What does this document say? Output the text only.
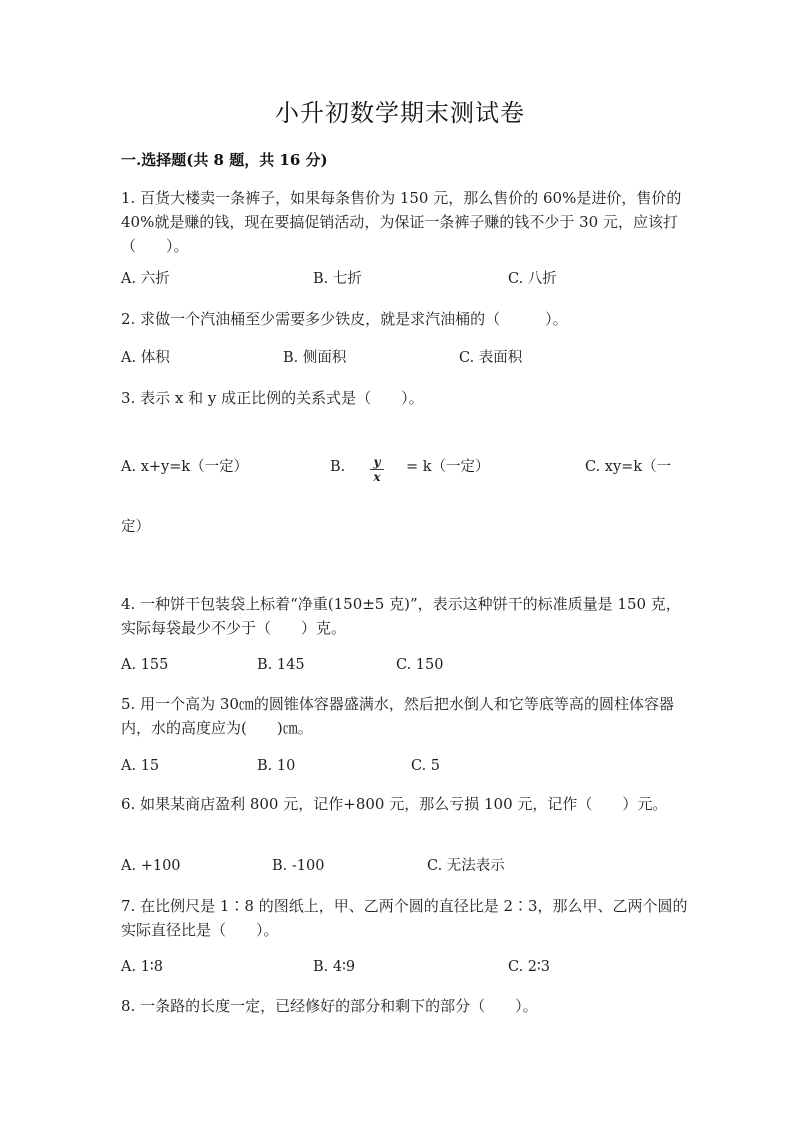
小升初数学期末测试卷
一.选择题(共 8 题，共 16 分)

1. 百货大楼卖一条裤子，如果每条售价为 150 元，那么售价的 60%是进价，售价的 40%就是赚的钱，现在要搞促销活动，为保证一条裤子赚的钱不少于 30 元，应该打（　　）。

A. 六折	B. 七折	C. 八折

2. 求做一个汽油桶至少需要多少铁皮，就是求汽油桶的（　　　）。

A. 体积	B. 侧面积	C. 表面积

3. 表示 x 和 y 成正比例的关系式是（　　）。

A. x+y=k（一定）	B.	y
x
= k（一定）	C. xy=k（一
定）

4. 一种饼干包装袋上标着“净重(150±5 克)”，表示这种饼干的标准质量是 150 克，实际每袋最少不少于（　　）克。

A. 155	B. 145	C. 150

5. 用一个高为 30㎝的圆锥体容器盛满水，然后把水倒人和它等底等高的圆柱体容器内，水的高度应为(　　)㎝。

A. 15	B. 10	C. 5

6. 如果某商店盈利 800 元，记作+800 元，那么亏损 100 元，记作（　　）元。

A. +100	B. -100	C. 无法表示

7. 在比例尺是 1∶8 的图纸上，甲、乙两个圆的直径比是 2∶3，那么甲、乙两个圆的实际直径比是（　　）。

A. 1∶8	B. 4∶9	C. 2∶3

8. 一条路的长度一定，已经修好的部分和剩下的部分（　　）。
